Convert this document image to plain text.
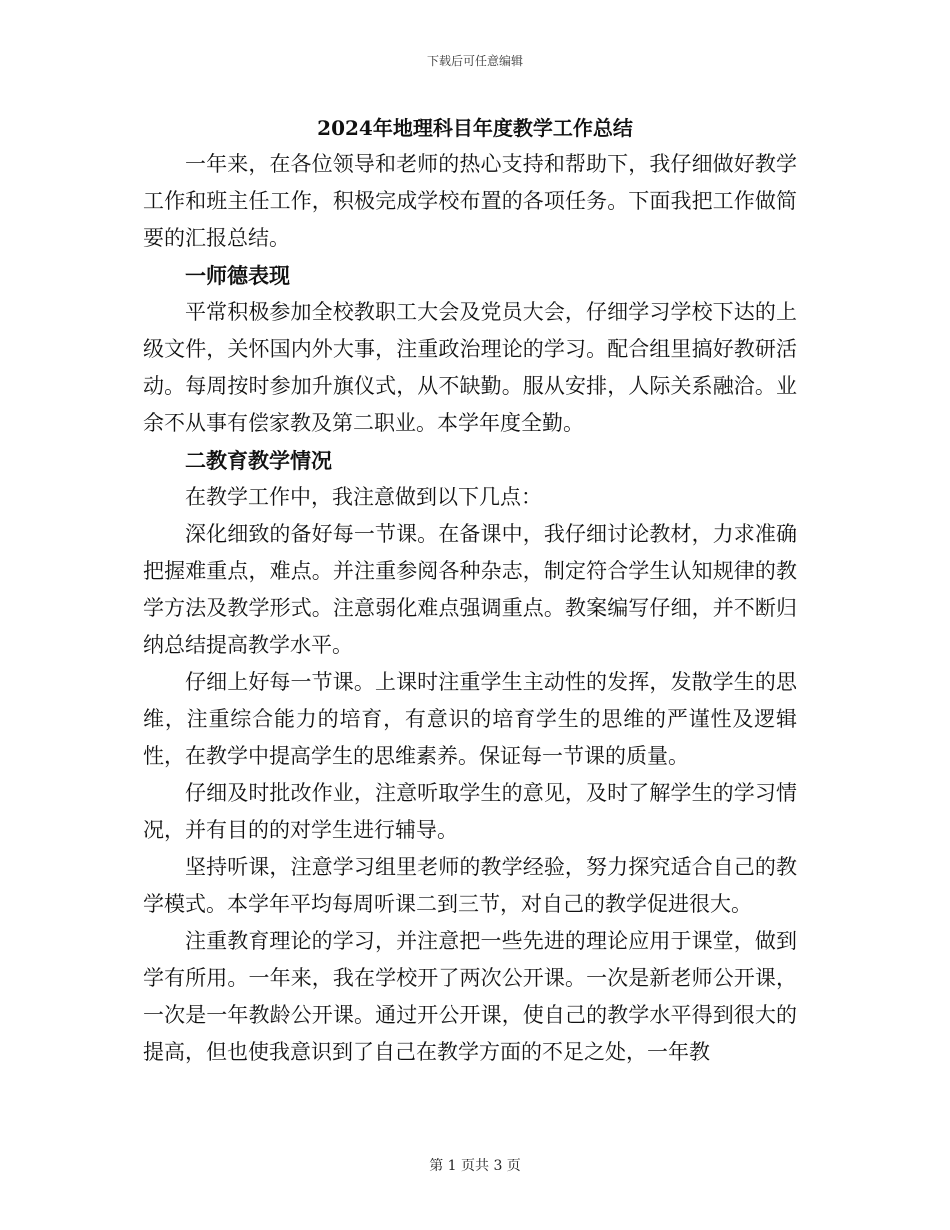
下载后可任意编辑
2024年地理科目年度教学工作总结

一年来，在各位领导和老师的热心支持和帮助下，我仔细做好教学工作和班主任工作，积极完成学校布置的各项任务。下面我把工作做简要的汇报总结。

一师德表现

平常积极参加全校教职工大会及党员大会，仔细学习学校下达的上级文件，关怀国内外大事，注重政治理论的学习。配合组里搞好教研活动。每周按时参加升旗仪式，从不缺勤。服从安排，人际关系融洽。业余不从事有偿家教及第二职业。本学年度全勤。

二教育教学情况

在教学工作中，我注意做到以下几点：

深化细致的备好每一节课。在备课中，我仔细讨论教材，力求准确把握难重点，难点。并注重参阅各种杂志，制定符合学生认知规律的教学方法及教学形式。注意弱化难点强调重点。教案编写仔细，并不断归纳总结提高教学水平。

仔细上好每一节课。上课时注重学生主动性的发挥，发散学生的思维，注重综合能力的培育，有意识的培育学生的思维的严谨性及逻辑性，在教学中提高学生的思维素养。保证每一节课的质量。

仔细及时批改作业，注意听取学生的意见，及时了解学生的学习情况，并有目的的对学生进行辅导。

坚持听课，注意学习组里老师的教学经验，努力探究适合自己的教学模式。本学年平均每周听课二到三节，对自己的教学促进很大。

注重教育理论的学习，并注意把一些先进的理论应用于课堂，做到学有所用。一年来，我在学校开了两次公开课。一次是新老师公开课，一次是一年教龄公开课。通过开公开课，使自己的教学水平得到很大的提高，但也使我意识到了自己在教学方面的不足之处，一年教

第 1 页共 3 页
